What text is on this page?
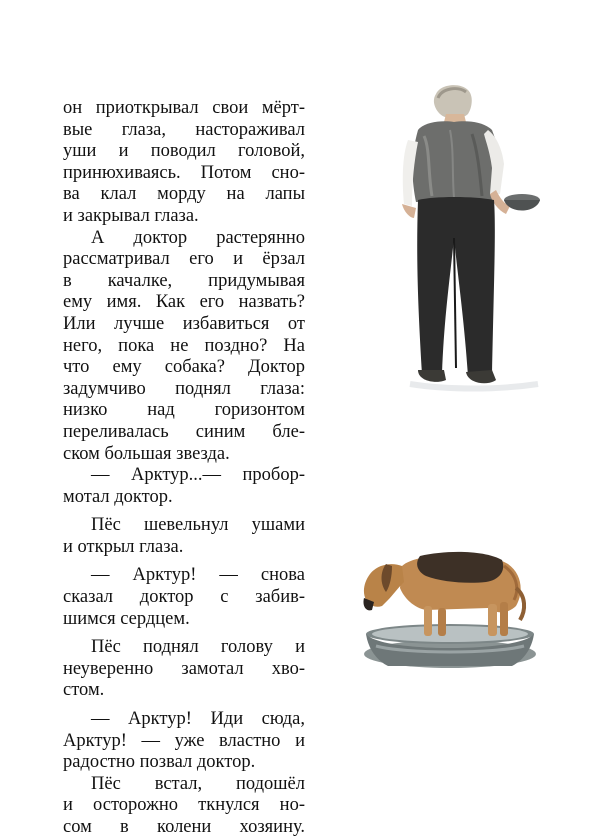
он приоткрывал свои мёрт-
вые глаза, настораживал
уши и поводил головой,
принюхиваясь. Потом сно-
ва клал морду на лапы
и закрывал глаза.
А доктор растерянно
рассматривал его и ёрзал
в качалке, придумывая
ему имя. Как его назвать?
Или лучше избавиться от
него, пока не поздно? На
что ему собака? Доктор
задумчиво поднял глаза:
низко над горизонтом
переливалась синим бле-
ском большая звезда.
— Арктур...— пробор-
мотал доктор.
Пёс шевельнул ушами
и открыл глаза.
— Арктур! — снова
сказал доктор с забив-
шимся сердцем.
Пёс поднял голову и
неуверенно замотал хво-
стом.
— Арктур! Иди сюда,
Арктур! — уже властно и
радостно позвал доктор.
Пёс встал, подошёл
и осторожно ткнулся но-
сом в колени хозяину.
